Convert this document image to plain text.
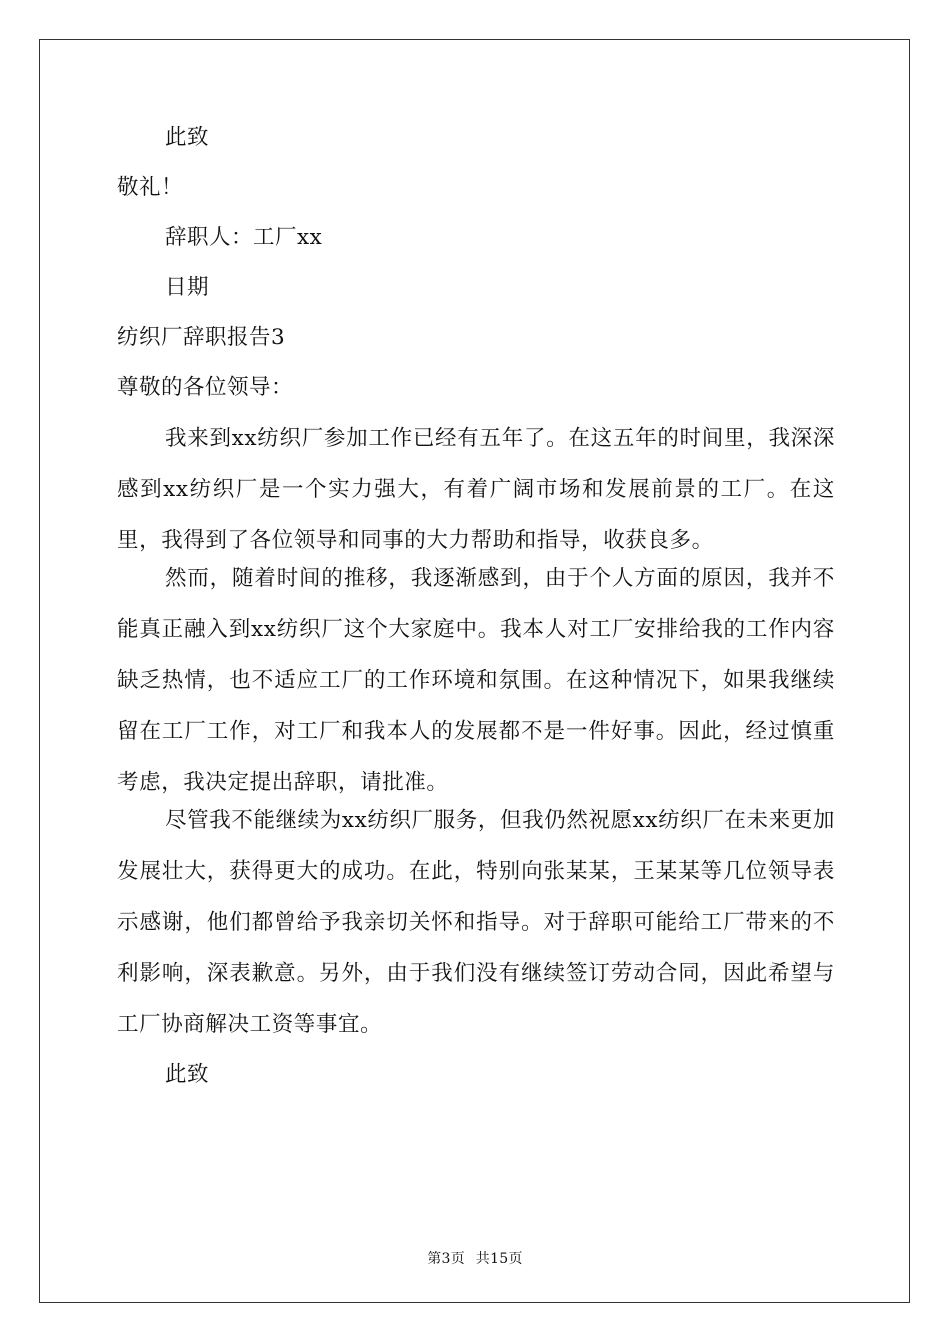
此致
敬礼！
辞职人：工厂xx
日期
纺织厂辞职报告3
尊敬的各位领导：

我来到xx纺织厂参加工作已经有五年了。在这五年的时间里，我深深感到xx纺织厂是一个实力强大，有着广阔市场和发展前景的工厂。在这里，我得到了各位领导和同事的大力帮助和指导，收获良多。

然而，随着时间的推移，我逐渐感到，由于个人方面的原因，我并不能真正融入到xx纺织厂这个大家庭中。我本人对工厂安排给我的工作内容缺乏热情，也不适应工厂的工作环境和氛围。在这种情况下，如果我继续留在工厂工作，对工厂和我本人的发展都不是一件好事。因此，经过慎重考虑，我决定提出辞职，请批准。

尽管我不能继续为xx纺织厂服务，但我仍然祝愿xx纺织厂在未来更加发展壮大，获得更大的成功。在此，特别向张某某，王某某等几位领导表示感谢，他们都曾给予我亲切关怀和指导。对于辞职可能给工厂带来的不利影响，深表歉意。另外，由于我们没有继续签订劳动合同，因此希望与工厂协商解决工资等事宜。

此致
第3页 共15页
